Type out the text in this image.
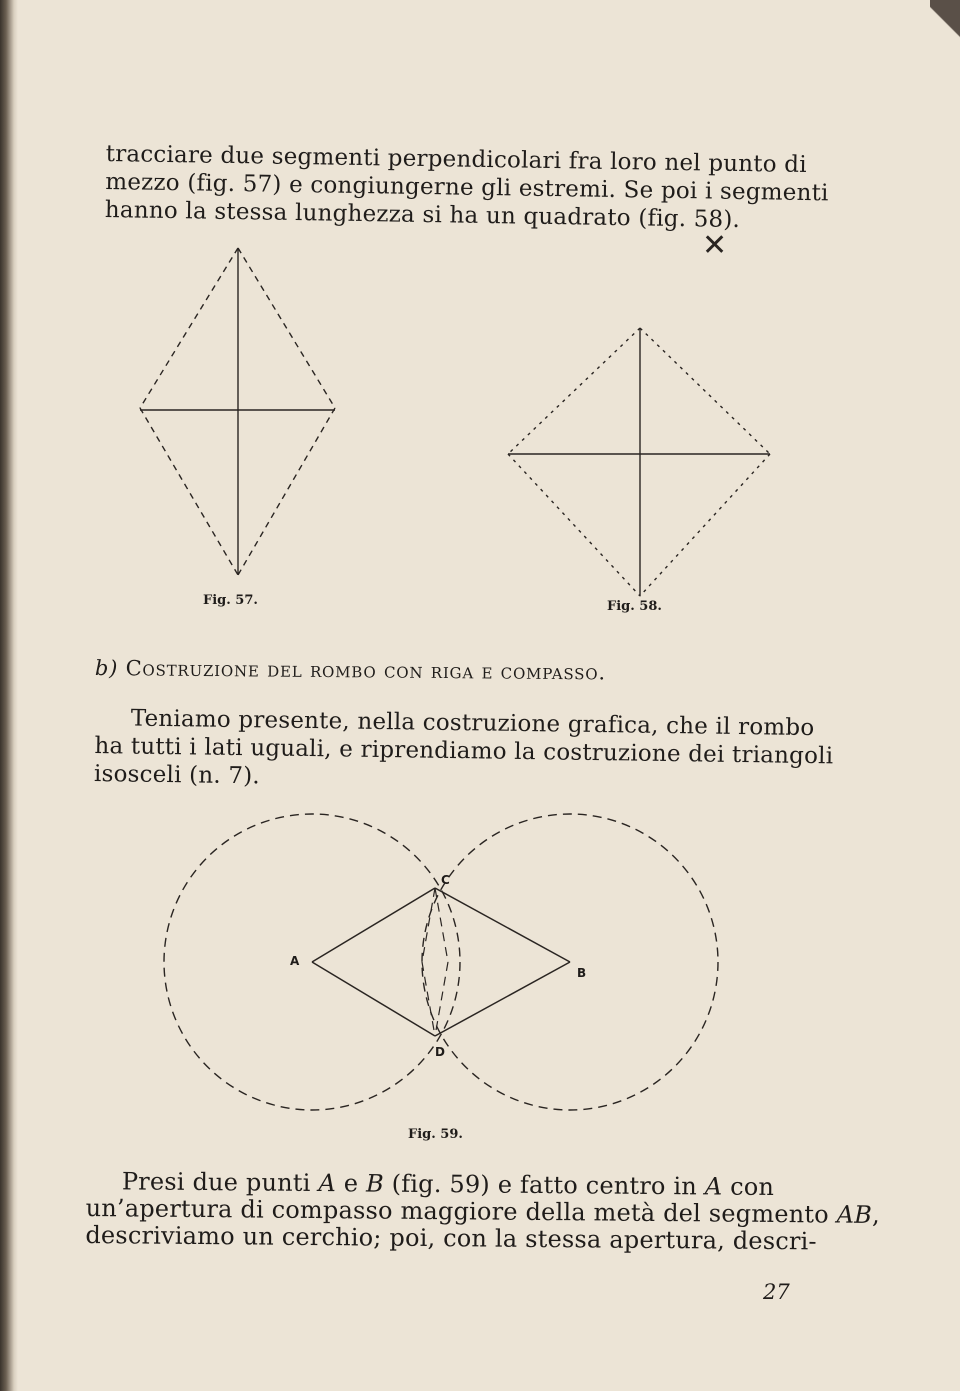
tracciare due segmenti perpendicolari fra loro nel punto di
mezzo (fig. 57) e congiungerne gli estremi. Se poi i segmenti
hanno la stessa lunghezza si ha un quadrato (fig. 58).

✕

Fig. 57.	Fig. 58.

b) Costruzione del rombo con riga e compasso.

Teniamo presente, nella costruzione grafica, che il rombo
ha tutti i lati uguali, e riprendiamo la costruzione dei triangoli
isosceli (n. 7).

A

B

C

D

Fig. 59.

Presi due punti A e B (fig. 59) e fatto centro in A con
un’apertura di compasso maggiore della metà del segmento AB,
descriviamo un cerchio; poi, con la stessa apertura, descri-

27
